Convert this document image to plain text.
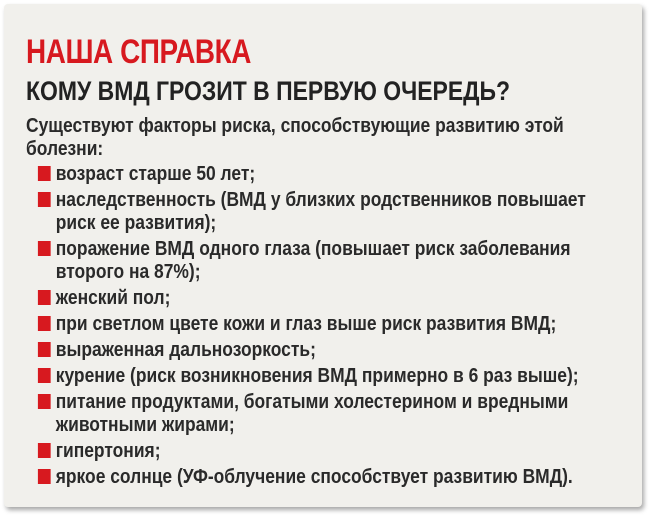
НАША СПРАВКА
КОМУ ВМД ГРОЗИТ В ПЕРВУЮ ОЧЕРЕДЬ?

Существуют факторы риска, способствующие развитию этой болезни:

возраст старше 50 лет;
наследственность (ВМД у близких родственников повышает риск ее развития);
поражение ВМД одного глаза (повышает риск заболевания второго на 87%);
женский пол;
при светлом цвете кожи и глаз выше риск развития ВМД;
выраженная дальнозоркость;
курение (риск возникновения ВМД примерно в 6 раз выше);
питание продуктами, богатыми холестерином и вредными животными жирами;
гипертония;
яркое солнце (УФ-облучение способствует развитию ВМД).
